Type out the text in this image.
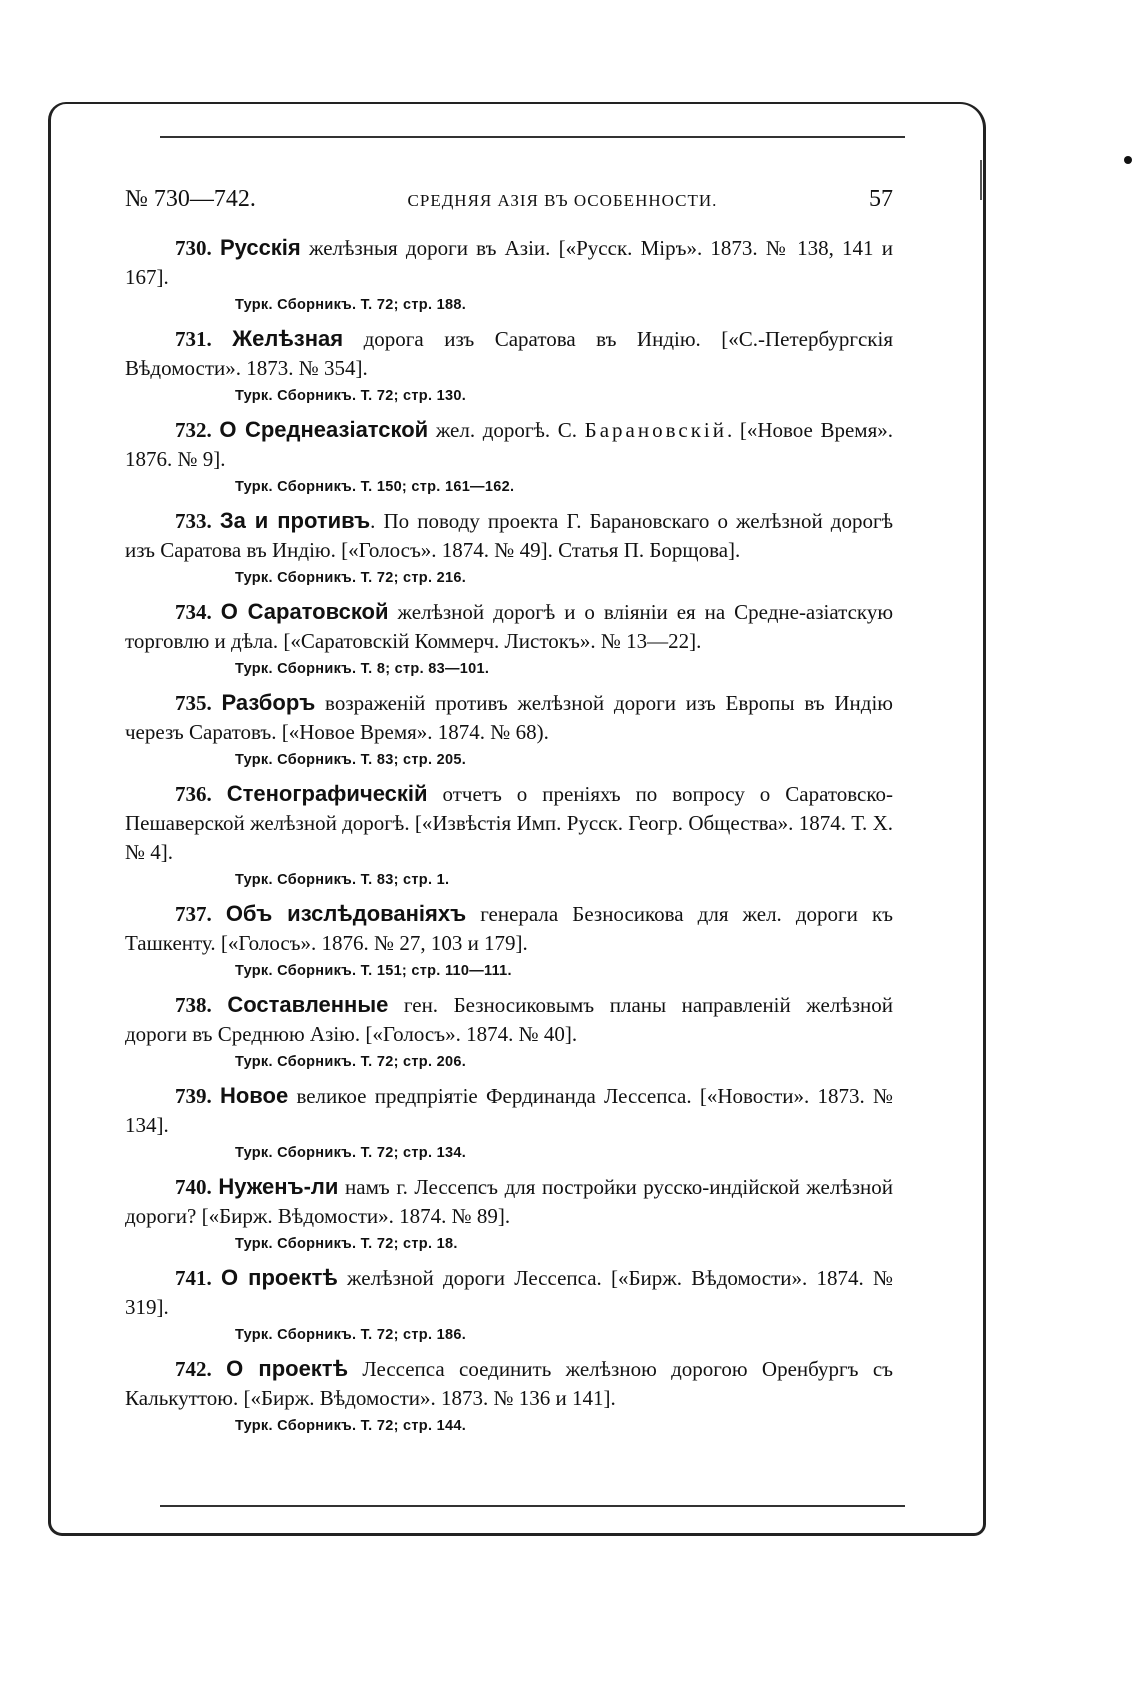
№ 730—742.	СРЕДНЯЯ АЗІЯ ВЪ ОСОБЕННОСТИ.	57
730. Русскія желѣзныя дороги въ Азіи. [«Русск. Міръ». 1873. № 138, 141 и 167].
Турк. Сборникъ. Т. 72; стр. 188.
731. Желѣзная дорога изъ Саратова въ Индію. [«С.-Петербургскія Вѣдомости». 1873. № 354].
Турк. Сборникъ. Т. 72; стр. 130.
732. О Среднеазіатской жел. дорогѣ. С. Барановскій. [«Новое Время». 1876. № 9].
Турк. Сборникъ. Т. 150; стр. 161—162.
733. За и противъ. По поводу проекта Г. Барановскаго о желѣзной дорогѣ изъ Саратова въ Индію. [«Голосъ». 1874. № 49]. Статья П. Борщова].
Турк. Сборникъ. Т. 72; стр. 216.
734. О Саратовской желѣзной дорогѣ и о вліяніи ея на Средне-азіатскую торговлю и дѣла. [«Саратовскій Коммерч. Листокъ». № 13—22].
Турк. Сборникъ. Т. 8; стр. 83—101.
735. Разборъ возраженій противъ желѣзной дороги изъ Европы въ Индію черезъ Саратовъ. [«Новое Время». 1874. № 68).
Турк. Сборникъ. Т. 83; стр. 205.
736. Стенографическій отчетъ о преніяхъ по вопросу о Саратовско-Пешаверской желѣзной дорогѣ. [«Извѣстія Имп. Русск. Геогр. Общества». 1874. Т. X. № 4].
Турк. Сборникъ. Т. 83; стр. 1.
737. Объ изслѣдованіяхъ генерала Безносикова для жел. дороги къ Ташкенту. [«Голосъ». 1876. № 27, 103 и 179].
Турк. Сборникъ. Т. 151; стр. 110—111.
738. Составленные ген. Безносиковымъ планы направленій желѣзной дороги въ Среднюю Азію. [«Голосъ». 1874. № 40].
Турк. Сборникъ. Т. 72; стр. 206.
739. Новое великое предпріятіе Фердинанда Лессепса. [«Новости». 1873. № 134].
Турк. Сборникъ. Т. 72; стр. 134.
740. Нуженъ-ли намъ г. Лессепсъ для постройки русско-индійской желѣзной дороги? [«Бирж. Вѣдомости». 1874. № 89].
Турк. Сборникъ. Т. 72; стр. 18.
741. О проектѣ желѣзной дороги Лессепса. [«Бирж. Вѣдомости». 1874. № 319].
Турк. Сборникъ. Т. 72; стр. 186.
742. О проектѣ Лессепса соединить желѣзною дорогою Оренбургъ съ Калькуттою. [«Бирж. Вѣдомости». 1873. № 136 и 141].
Турк. Сборникъ. Т. 72; стр. 144.
